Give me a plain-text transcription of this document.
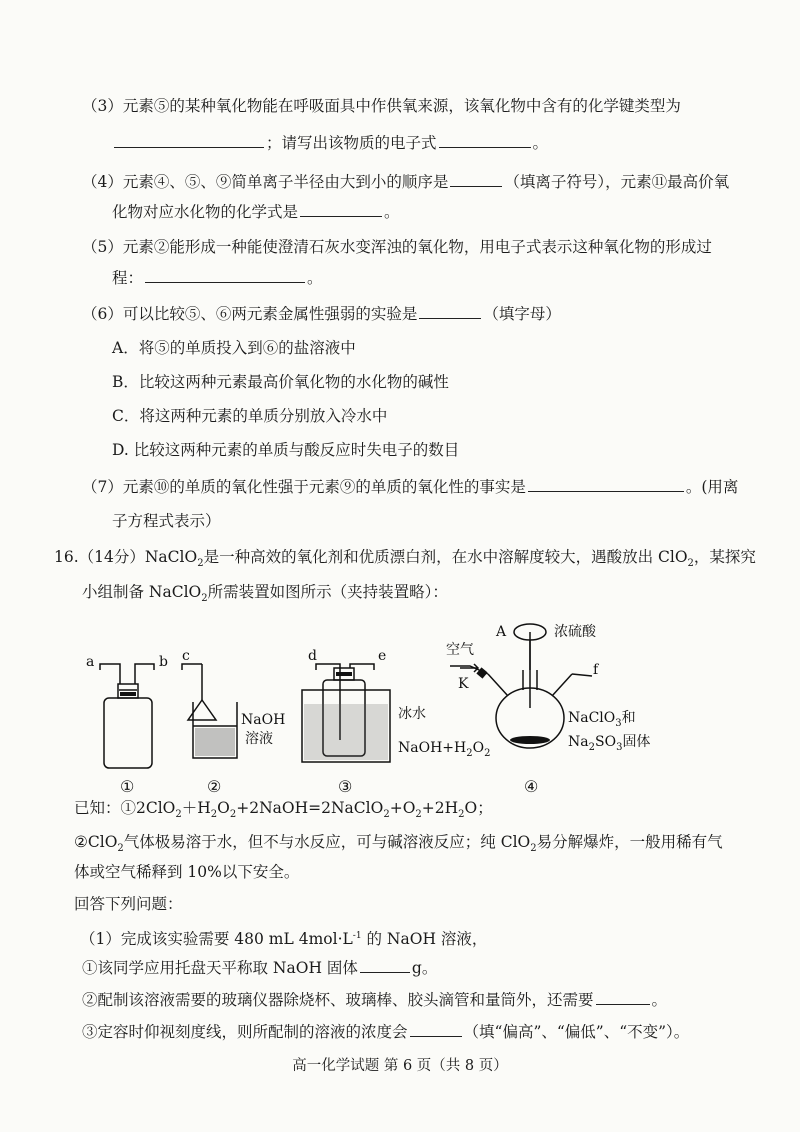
（3）元素⑤的某种氧化物能在呼吸面具中作供氧来源，该氧化物中含有的化学键类型为
；请写出该物质的电子式	。
（4）元素④、⑤、⑨简单离子半径由大到小的顺序是	（填离子符号），元素⑪最高价氧
化物对应水化物的化学式是	。
（5）元素②能形成一种能使澄清石灰水变浑浊的氧化物，用电子式表示这种氧化物的形成过
程：	。
（6）可以比较⑤、⑥两元素金属性强弱的实验是	（填字母）
A．将⑤的单质投入到⑥的盐溶液中
B．比较这两种元素最高价氧化物的水化物的碱性
C．将这两种元素的单质分别放入冷水中
D. 比较这两种元素的单质与酸反应时失电子的数目
（7）元素⑩的单质的氧化性强于元素⑨的单质的氧化性的事实是	。(用离
子方程式表示）
16.（14分）NaClO$_2$是一种高效的氧化剂和优质漂白剂，在水中溶解度较大，遇酸放出 ClO$_2$，某探究
小组制备 NaClO$_2$所需装置如图所示（夹持装置略）：
a	b c	d	e
f
A
K
NaOH
溶液
冰水
$NaOH+H_2O_2$
空气
浓硫酸
NaClO$_3$和
$Na_2SO_3$固体
①	②	③	④
已知：$①2ClO_2+H_2O_2+2NaOH=2NaClO_2+O_2+2H_2O$；
②ClO$_2$气体极易溶于水，但不与水反应，可与碱溶液反应；纯 ClO$_2$易分解爆炸，一般用稀有气
体或空气稀释到 10%以下安全。
回答下列问题：
（1）完成该实验需要 480 mL $4mol\cdot L^{-1}$ 的 NaOH 溶液，
①该同学应用托盘天平称取 NaOH 固体	g。
②配制该溶液需要的玻璃仪器除烧杯、玻璃棒、胶头滴管和量筒外，还需要	。
③定容时仰视刻度线，则所配制的溶液的浓度会	（填“偏高”、“偏低”、“不变”）。
高一化学试题 第 6 页（共 8 页）
